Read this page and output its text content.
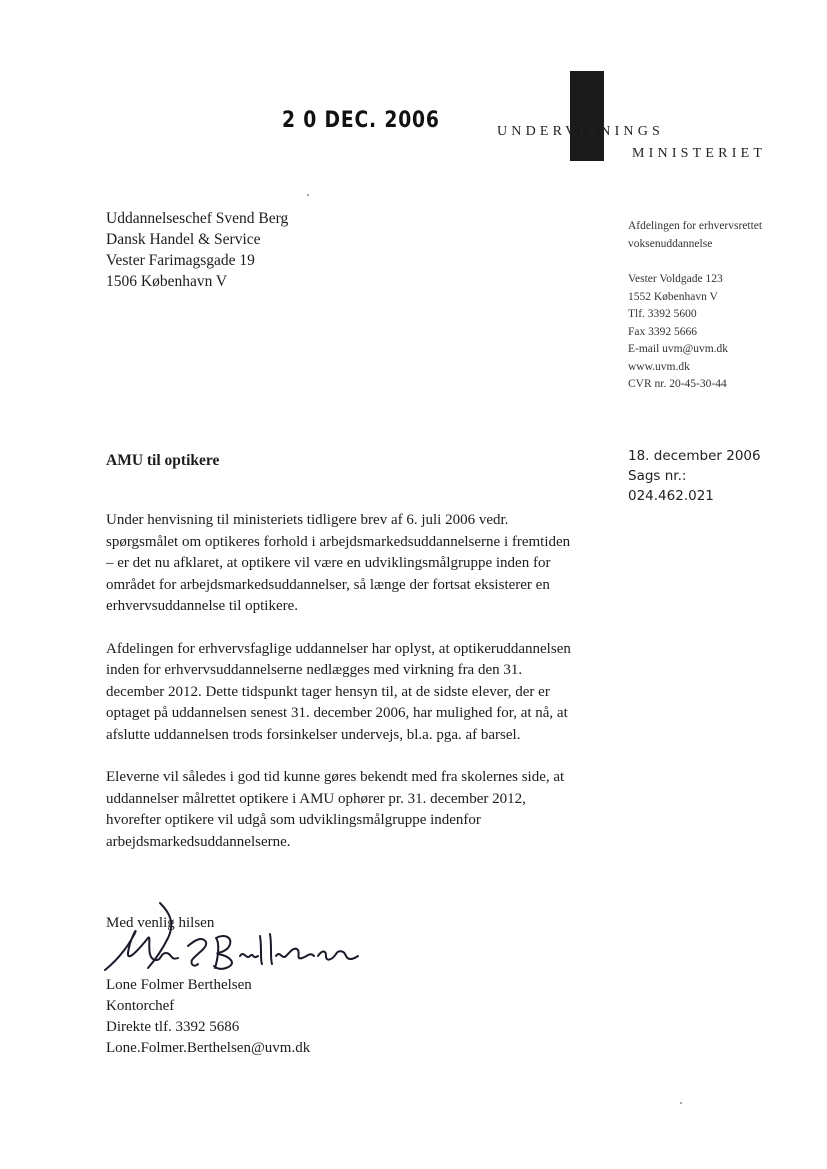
2 0 DEC. 2006	UNDERVISNINGS
MINISTERIET
Uddannelseschef Svend Berg
Dansk Handel & Service
Vester Farimagsgade 19
1506 København V
Afdelingen for erhvervsrettet
voksenuddannelse
Vester Voldgade 123
1552 København V
Tlf. 3392 5600
Fax 3392 5666
E-mail uvm@uvm.dk
www.uvm.dk
CVR nr. 20-45-30-44
18. december 2006
Sags nr.:
024.462.021
AMU til optikere

Under henvisning til ministeriets tidligere brev af 6. juli 2006 vedr. spørgsmålet om optikeres forhold i arbejdsmarkedsuddannelserne i fremtiden – er det nu afklaret, at optikere vil være en udviklingsmålgruppe inden for området for arbejdsmarkedsuddannelser, så længe der fortsat eksisterer en erhvervsuddannelse til optikere.

Afdelingen for erhvervsfaglige uddannelser har oplyst, at optikeruddannelsen inden for erhvervsuddannelserne nedlægges med virkning fra den 31. december 2012. Dette tidspunkt tager hensyn til, at de sidste elever, der er optaget på uddannelsen senest 31. december 2006, har mulighed for, at nå, at afslutte uddannelsen trods forsinkelser undervejs, bl.a. pga. af barsel.

Eleverne vil således i god tid kunne gøres bekendt med fra skolernes side, at uddannelser målrettet optikere i AMU ophører pr. 31. december 2012, hvorefter optikere vil udgå som udviklingsmålgruppe indenfor arbejdsmarkedsuddannelserne.

Med venlig hilsen
Lone Folmer Berthelsen
Kontorchef
Direkte tlf. 3392 5686
Lone.Folmer.Berthelsen@uvm.dk
